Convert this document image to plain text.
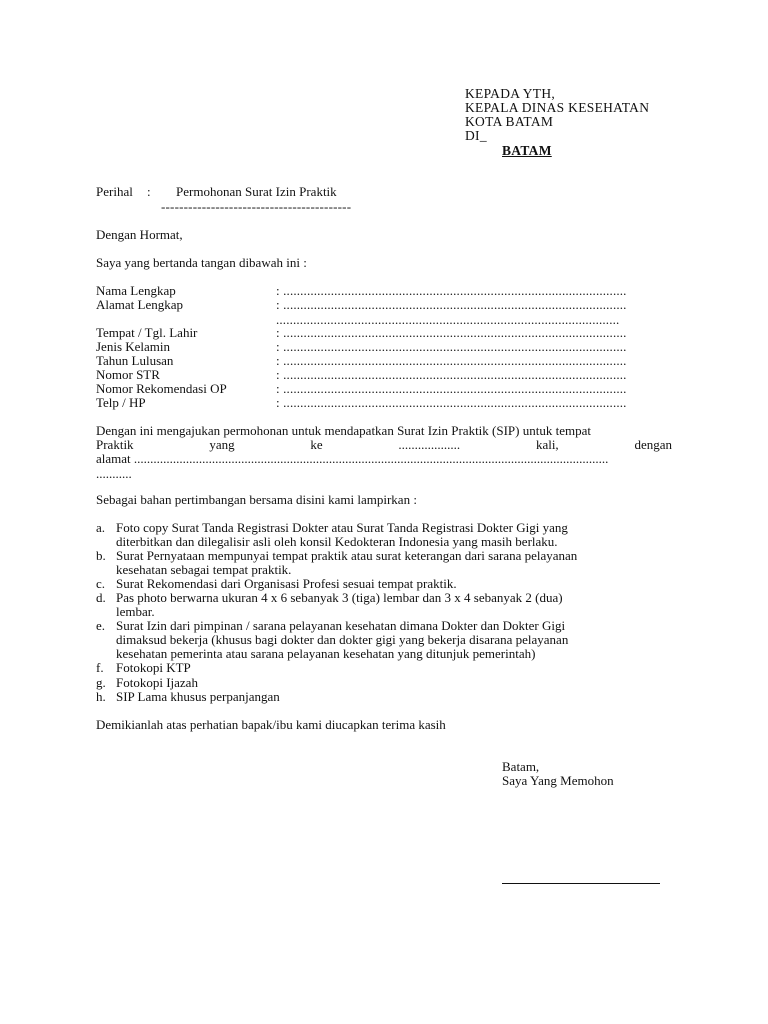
KEPADA YTH,
KEPALA DINAS KESEHATAN
KOTA BATAM
DI_
BATAM
Perihal : Permohonan Surat Izin Praktik
------------------------------------------
Dengan Hormat,
Saya yang bertanda tangan dibawah ini :
Nama Lengkap	: .....................................................................................................
Alamat Lengkap	: .....................................................................................................
.....................................................................................................
Tempat / Tgl. Lahir	: .....................................................................................................
Jenis Kelamin	: .....................................................................................................
Tahun Lulusan	: .....................................................................................................
Nomor STR	: .....................................................................................................
Nomor Rekomendasi OP	: .....................................................................................................
Telp / HP	: .....................................................................................................
Dengan ini mengajukan permohonan untuk mendapatkan Surat Izin Praktik (SIP) untuk tempat
Praktik	yang	ke	...................	kali,	dengan
alamat ..................................................................................................................................................
...........
Sebagai bahan pertimbangan bersama disini kami lampirkan :
a. Foto copy Surat Tanda Registrasi Dokter atau Surat Tanda Registrasi Dokter Gigi yang
diterbitkan dan dilegalisir asli oleh konsil Kedokteran Indonesia yang masih berlaku.
b. Surat Pernyataan mempunyai tempat praktik atau surat keterangan dari sarana pelayanan
kesehatan sebagai tempat praktik.
c. Surat Rekomendasi dari Organisasi Profesi sesuai tempat praktik.
d. Pas photo berwarna ukuran 4 x 6 sebanyak 3 (tiga) lembar dan 3 x 4 sebanyak 2 (dua)
lembar.
e. Surat Izin dari pimpinan / sarana pelayanan kesehatan dimana Dokter dan Dokter Gigi
dimaksud bekerja (khusus bagi dokter dan dokter gigi yang bekerja disarana pelayanan
kesehatan pemerinta atau sarana pelayanan kesehatan yang ditunjuk pemerintah)
f. Fotokopi KTP
g. Fotokopi Ijazah
h. SIP Lama khusus perpanjangan
Demikianlah atas perhatian bapak/ibu kami diucapkan terima kasih
Batam,
Saya Yang Memohon
